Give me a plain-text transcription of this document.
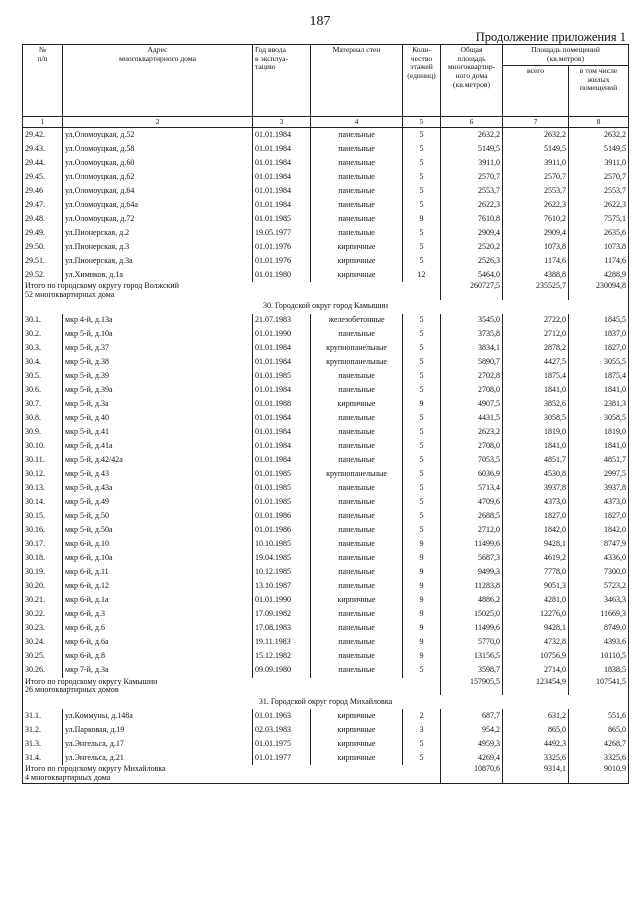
187
Продолжение приложения 1
№
п/п	Адрес
многоквартирного дома	Год ввода
в эксплуа-
тацию	Материал стен	Коли-
чество
этажей
(единиц)	Общая
площадь
многоквартир-
ного дома
(кв.метров)	Площадь помещений
(кв.метров)	
						всего	в том числе
жилых
помещений
1	2	3	4	5	6	7	8
29.42.	ул.Оломоуцкая, д.52	01.01.1984	панельные	5	2632,2	2632,2	2632,2
29.43.	ул.Оломоуцкая, д.58	01.01.1984	панельные	5	5149,5	5149,5	5149,5
29.44.	ул.Оломоуцкая, д.60	01.01.1984	панельные	5	3911,0	3911,0	3911,0
29.45.	ул.Оломоуцкая, д.62	01.01.1984	панельные	5	2570,7	2570,7	2570,7
29.46	ул.Оломоуцкая, д.64	01.01.1984	панельные	5	2553,7	2553,7	2553,7
29.47.	ул.Оломоуцкая, д.64а	01.01.1984	панельные	5	2622,3	2622,3	2622,3
29.48.	ул.Оломоуцкая, д.72	01.01.1985	панельные	9	7610,8	7610,2	7575,1
29.49.	ул.Пионерская, д.2	19.05.1977	панельные	5	2909,4	2909,4	2635,6
29.50.	ул.Пионерская, д.3	01.01.1976	кирпичные	5	2520,2	1073,8	1073,8
29.51.	ул.Пионерская, д.3а	01.01.1976	кирпичные	5	2526,3	1174,6	1174,6
29.52.	ул.Химиков, д.1а	01.01.1980	кирпичные	12	5464,0	4388,8	4288,9
Итого по городскому округу город Волжский
52 многоквартирных дома					260727,5	235525,7	230094,8
30. Городской округ город Камышин							
30.1.	мкр 4-й, д.13а	21.07.1983	железобетонные	5	3545,0	2722,0	1845,5
30.2.	мкр 5-й, д.10а	01.01.1990	панельные	5	3735,8	2712,0	1837,0
30.3.	мкр 5-й, д.37	01.01.1984	крупнопанельные	5	3834,1	2878,2	1827,0
30.4.	мкр 5-й, д.38	01.01.1984	крупнопанельные	5	5890,7	4427,5	3055,5
30.5.	мкр 5-й, д.39	01.01.1985	панельные	5	2702,8	1875,4	1875,4
30.6.	мкр 5-й, д.39а	01.01.1984	панельные	5	2708,0	1841,0	1841,0
30.7.	мкр 5-й, д.3а	01.01.1988	кирпичные	9	4907,5	3852,6	2381,3
30.8.	мкр 5-й, д.40	01.01.1984	панельные	5	4431,5	3058,5	3058,5
30.9.	мкр 5-й, д.41	01.01.1984	панельные	5	2623,2	1819,0	1819,0
30.10.	мкр 5-й, д.41а	01.01.1984	панельные	5	2708,0	1841,0	1841,0
30.11.	мкр 5-й, д.42/42а	01.01.1984	панельные	5	7053,5	4851,7	4851,7
30.12.	мкр 5-й, д.43	01.01.1985	крупнопанельные	5	6036,9	4530,8	2997,5
30.13.	мкр 5-й, д.43а	01.01.1985	панельные	5	5713,4	3937,8	3937,8
30.14.	мкр 5-й, д.49	01.01.1985	панельные	5	4709,6	4373,0	4373,0
30.15.	мкр 5-й, д.50	01.01.1986	панельные	5	2688,5	1827,0	1827,0
30.16.	мкр 5-й, д.50а	01.01.1986	панельные	5	2712,0	1842,0	1842,0
30.17.	мкр 6-й, д.10	10.10.1985	панельные	9	11499,6	9428,1	8747,9
30.18.	мкр 6-й, д.10а	19.04.1985	панельные	9	5687,3	4619,2	4336,0
30.19.	мкр 6-й, д.11	10.12.1985	панельные	9	9499,3	7778,0	7300,0
30.20.	мкр 6-й, д.12	13.10.1987	панельные	9	11283,8	9051,3	5723,2
30.21.	мкр 6-й, д.1а	01.01.1990	кирпичные	9	4886,2	4281,0	3463,3
30.22.	мкр 6-й, д.3	17.09.1982	панельные	9	15025,0	12276,0	11669,3
30.23.	мкр 6-й, д.6	17.08.1983	панельные	9	11499,6	9428,1	8749,0
30.24.	мкр 6-й, д.6а	19.11.1983	панельные	9	5770,0	4732,8	4393,6
30.25.	мкр 6-й, д.8	15.12.1982	панельные	9	13156,5	10756,9	10110,5
30.26.	мкр 7-й, д.3а	09.09.1980	панельные	5	3598,7	2714,0	1838,5
Итого по городскому округу Камышин
26 многоквартирных домов					157905,5	123454,9	107541,5
31. Городской округ город Михайловка							
31.1.	ул.Коммуны, д.148а	01.01.1963	кирпичные	2	687,7	631,2	551,6
31.2.	ул.Парковая, д.19	02.03.1983	кирпичные	3	954,2	865,0	865,0
31.3.	ул.Энгельса, д.17	01.01.1975	кирпичные	5	4959,3	4492,3	4268,7
31.4.	ул.Энгельса, д.21	01.01.1977	кирпичные	5	4269,4	3325,6	3325,6
Итого по городскому округу Михайловка
4 многоквартирных дома					10870,6	9314,1	9010,9
